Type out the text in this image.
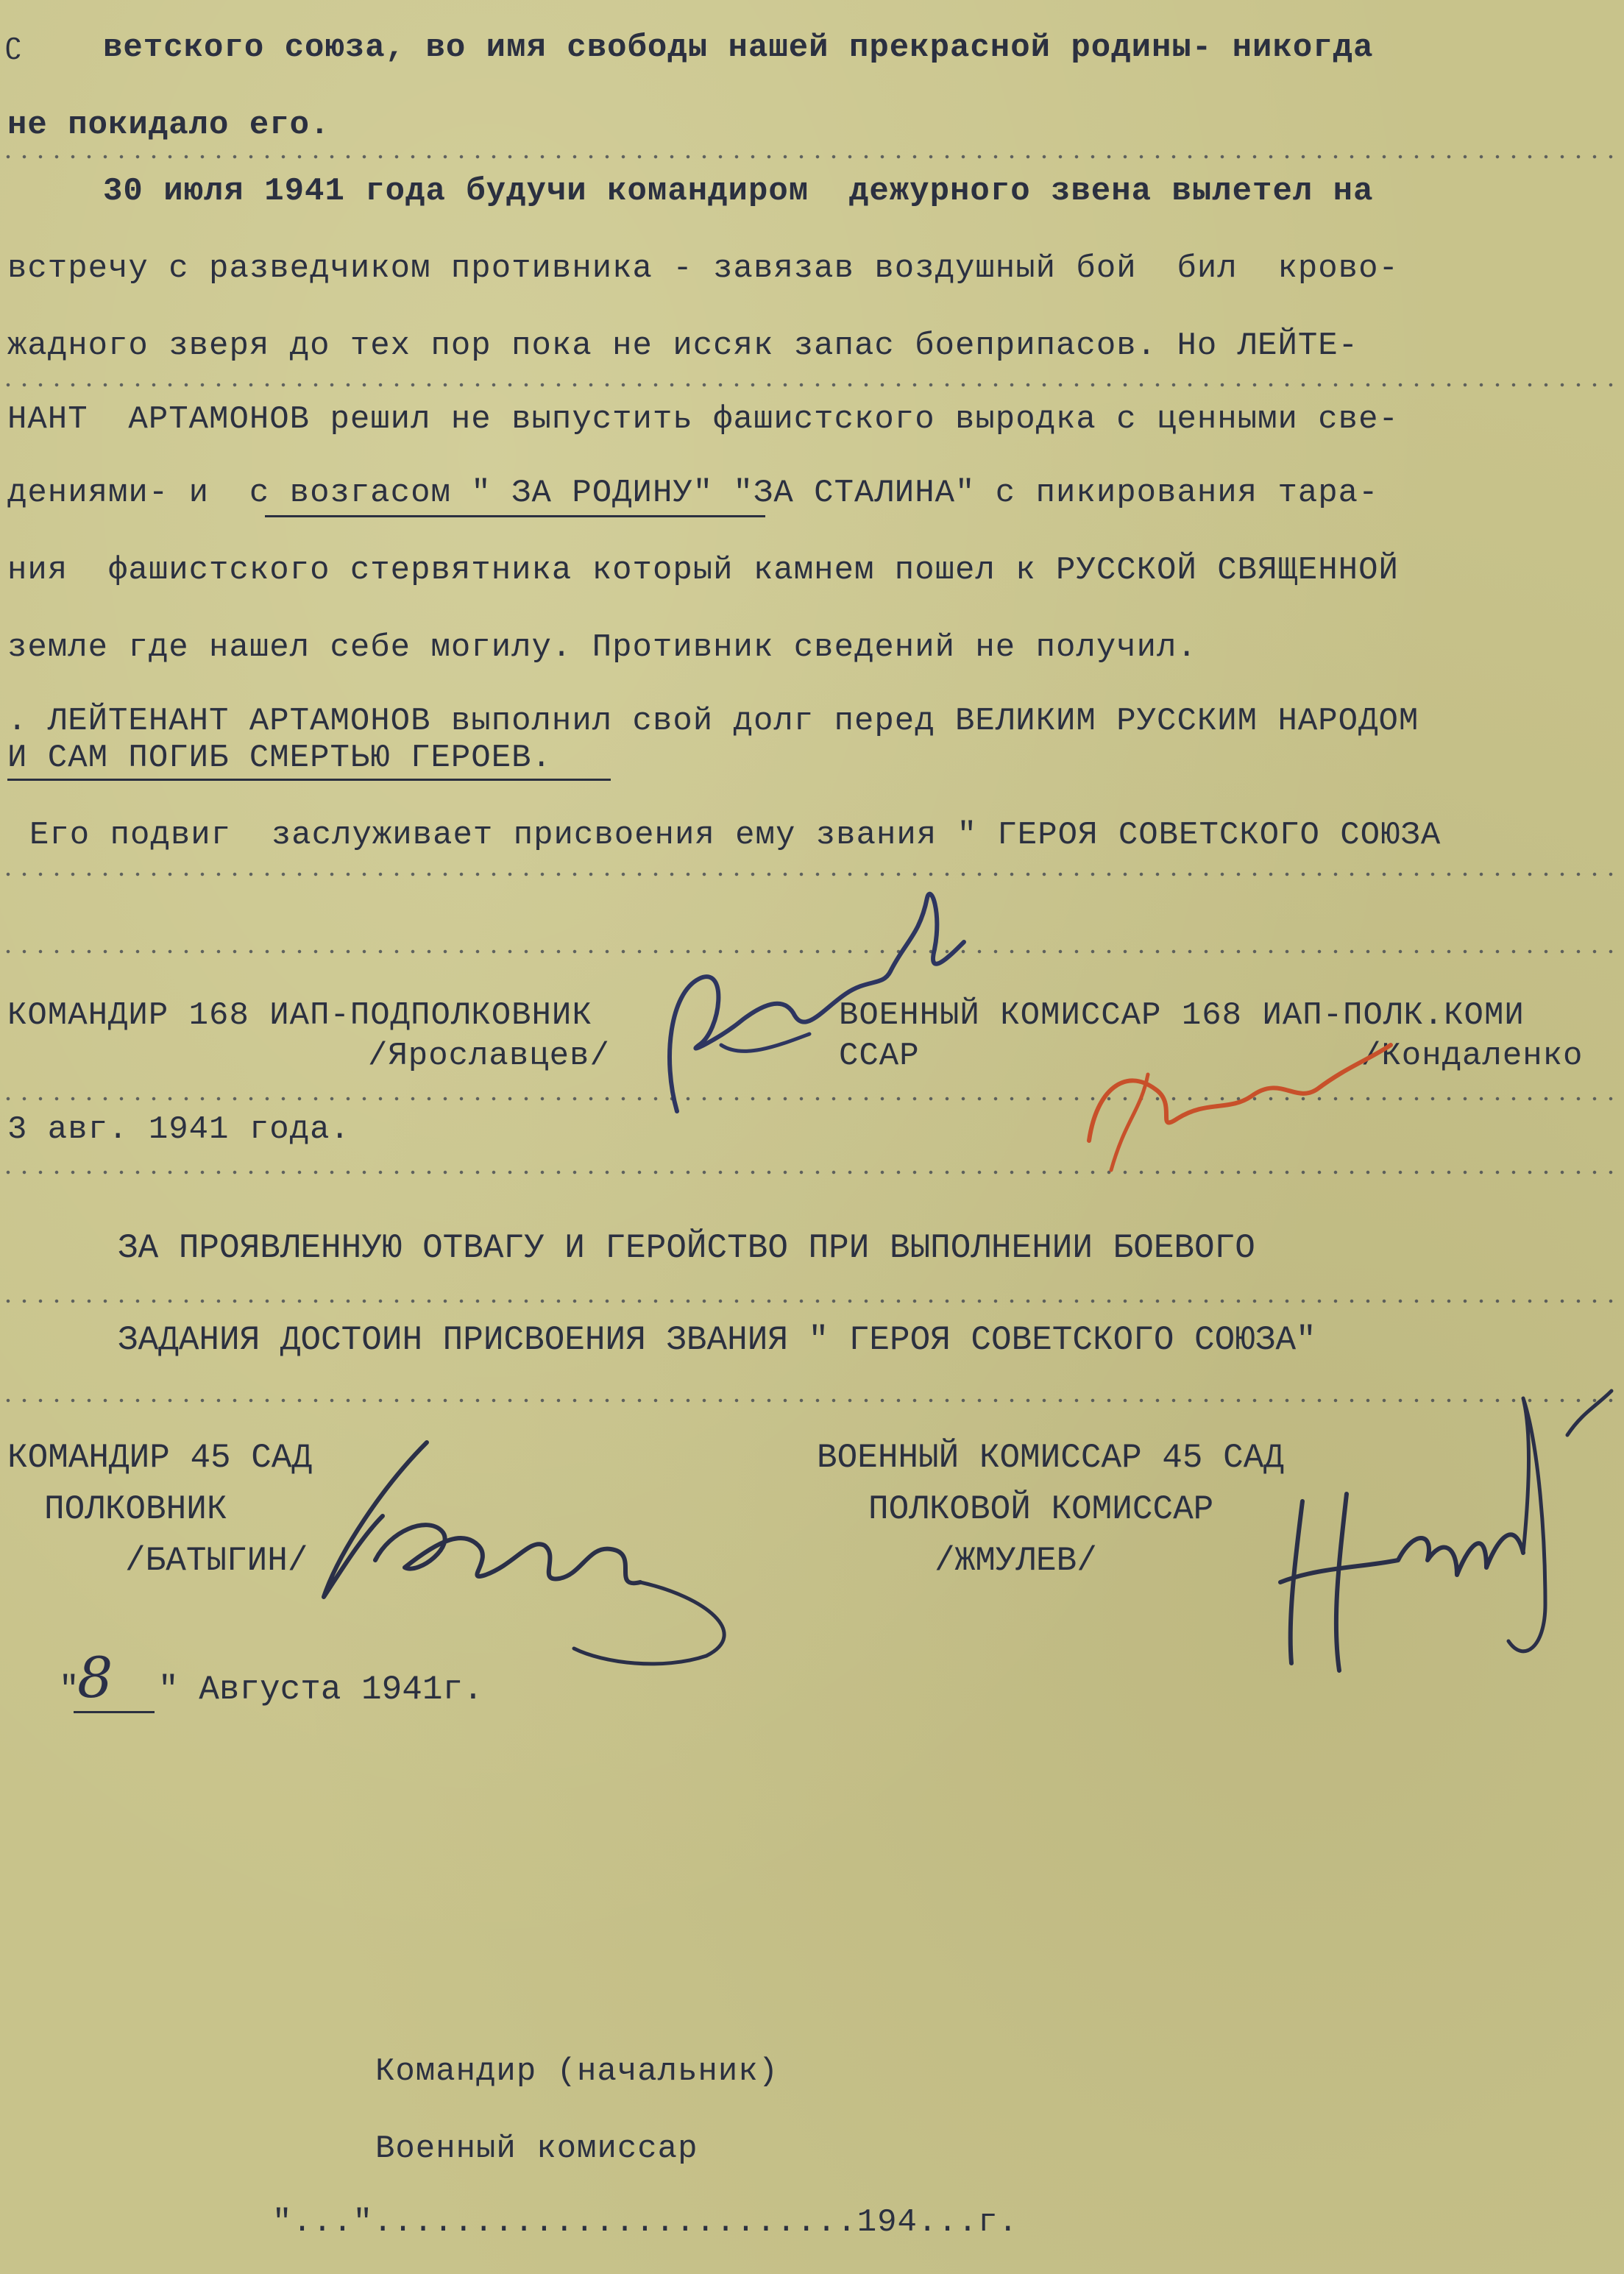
ʗ ветского союза, во имя свободы нашей прекрасной родины- никогда
не покидало его.
30 июля 1941 года будучи командиром  дежурного звена вылетел на
встречу с разведчиком противника - завязав воздушный бой  бил  крово-
жадного зверя до тех пор пока не иссяк запас боеприпасов. Но ЛЕЙТЕ-
НАНТ  АРТАМОНОВ решил не выпустить фашистского выродка с ценными све-
дениями- и  с возгасом " ЗА РОДИНУ" "ЗА СТАЛИНА" с пикирования тара-
ния  фашистского стервятника который камнем пошел к РУССКОЙ СВЯЩЕННОЙ
земле где нашел себе могилу. Противник сведений не получил.
. ЛЕЙТЕНАНТ АРТАМОНОВ выполнил свой долг перед ВЕЛИКИМ РУССКИМ НАРОДОМ
И САМ ПОГИБ СМЕРТЬЮ ГЕРОЕВ.
Его подвиг  заслуживает присвоения ему звания " ГЕРОЯ СОВЕТСКОГО СОЮЗА
КОМАНДИР 168 ИАП-ПОДПОЛКОВНИК
/Ярославцев/
ВОЕННЫЙ КОМИССАР 168 ИАП-ПОЛК.КОМИ
ССАР	/Кондаленко
3 авг. 1941 года.
ЗА ПРОЯВЛЕННУЮ ОТВАГУ И ГЕРОЙСТВО ПРИ ВЫПОЛНЕНИИ БОЕВОГО
ЗАДАНИЯ ДОСТОИН ПРИСВОЕНИЯ ЗВАНИЯ " ГЕРОЯ СОВЕТСКОГО СОЮЗА"
КОМАНДИР 45 САД
ПОЛКОВНИК
/БАТЫГИН/
ВОЕННЫЙ КОМИССАР 45 САД
ПОЛКОВОЙ КОМИССАР
/ЖМУЛЕВ/
"
8 " Августа 1941г.
Командир (начальник)
Военный комиссар
"..."........................194...г.
